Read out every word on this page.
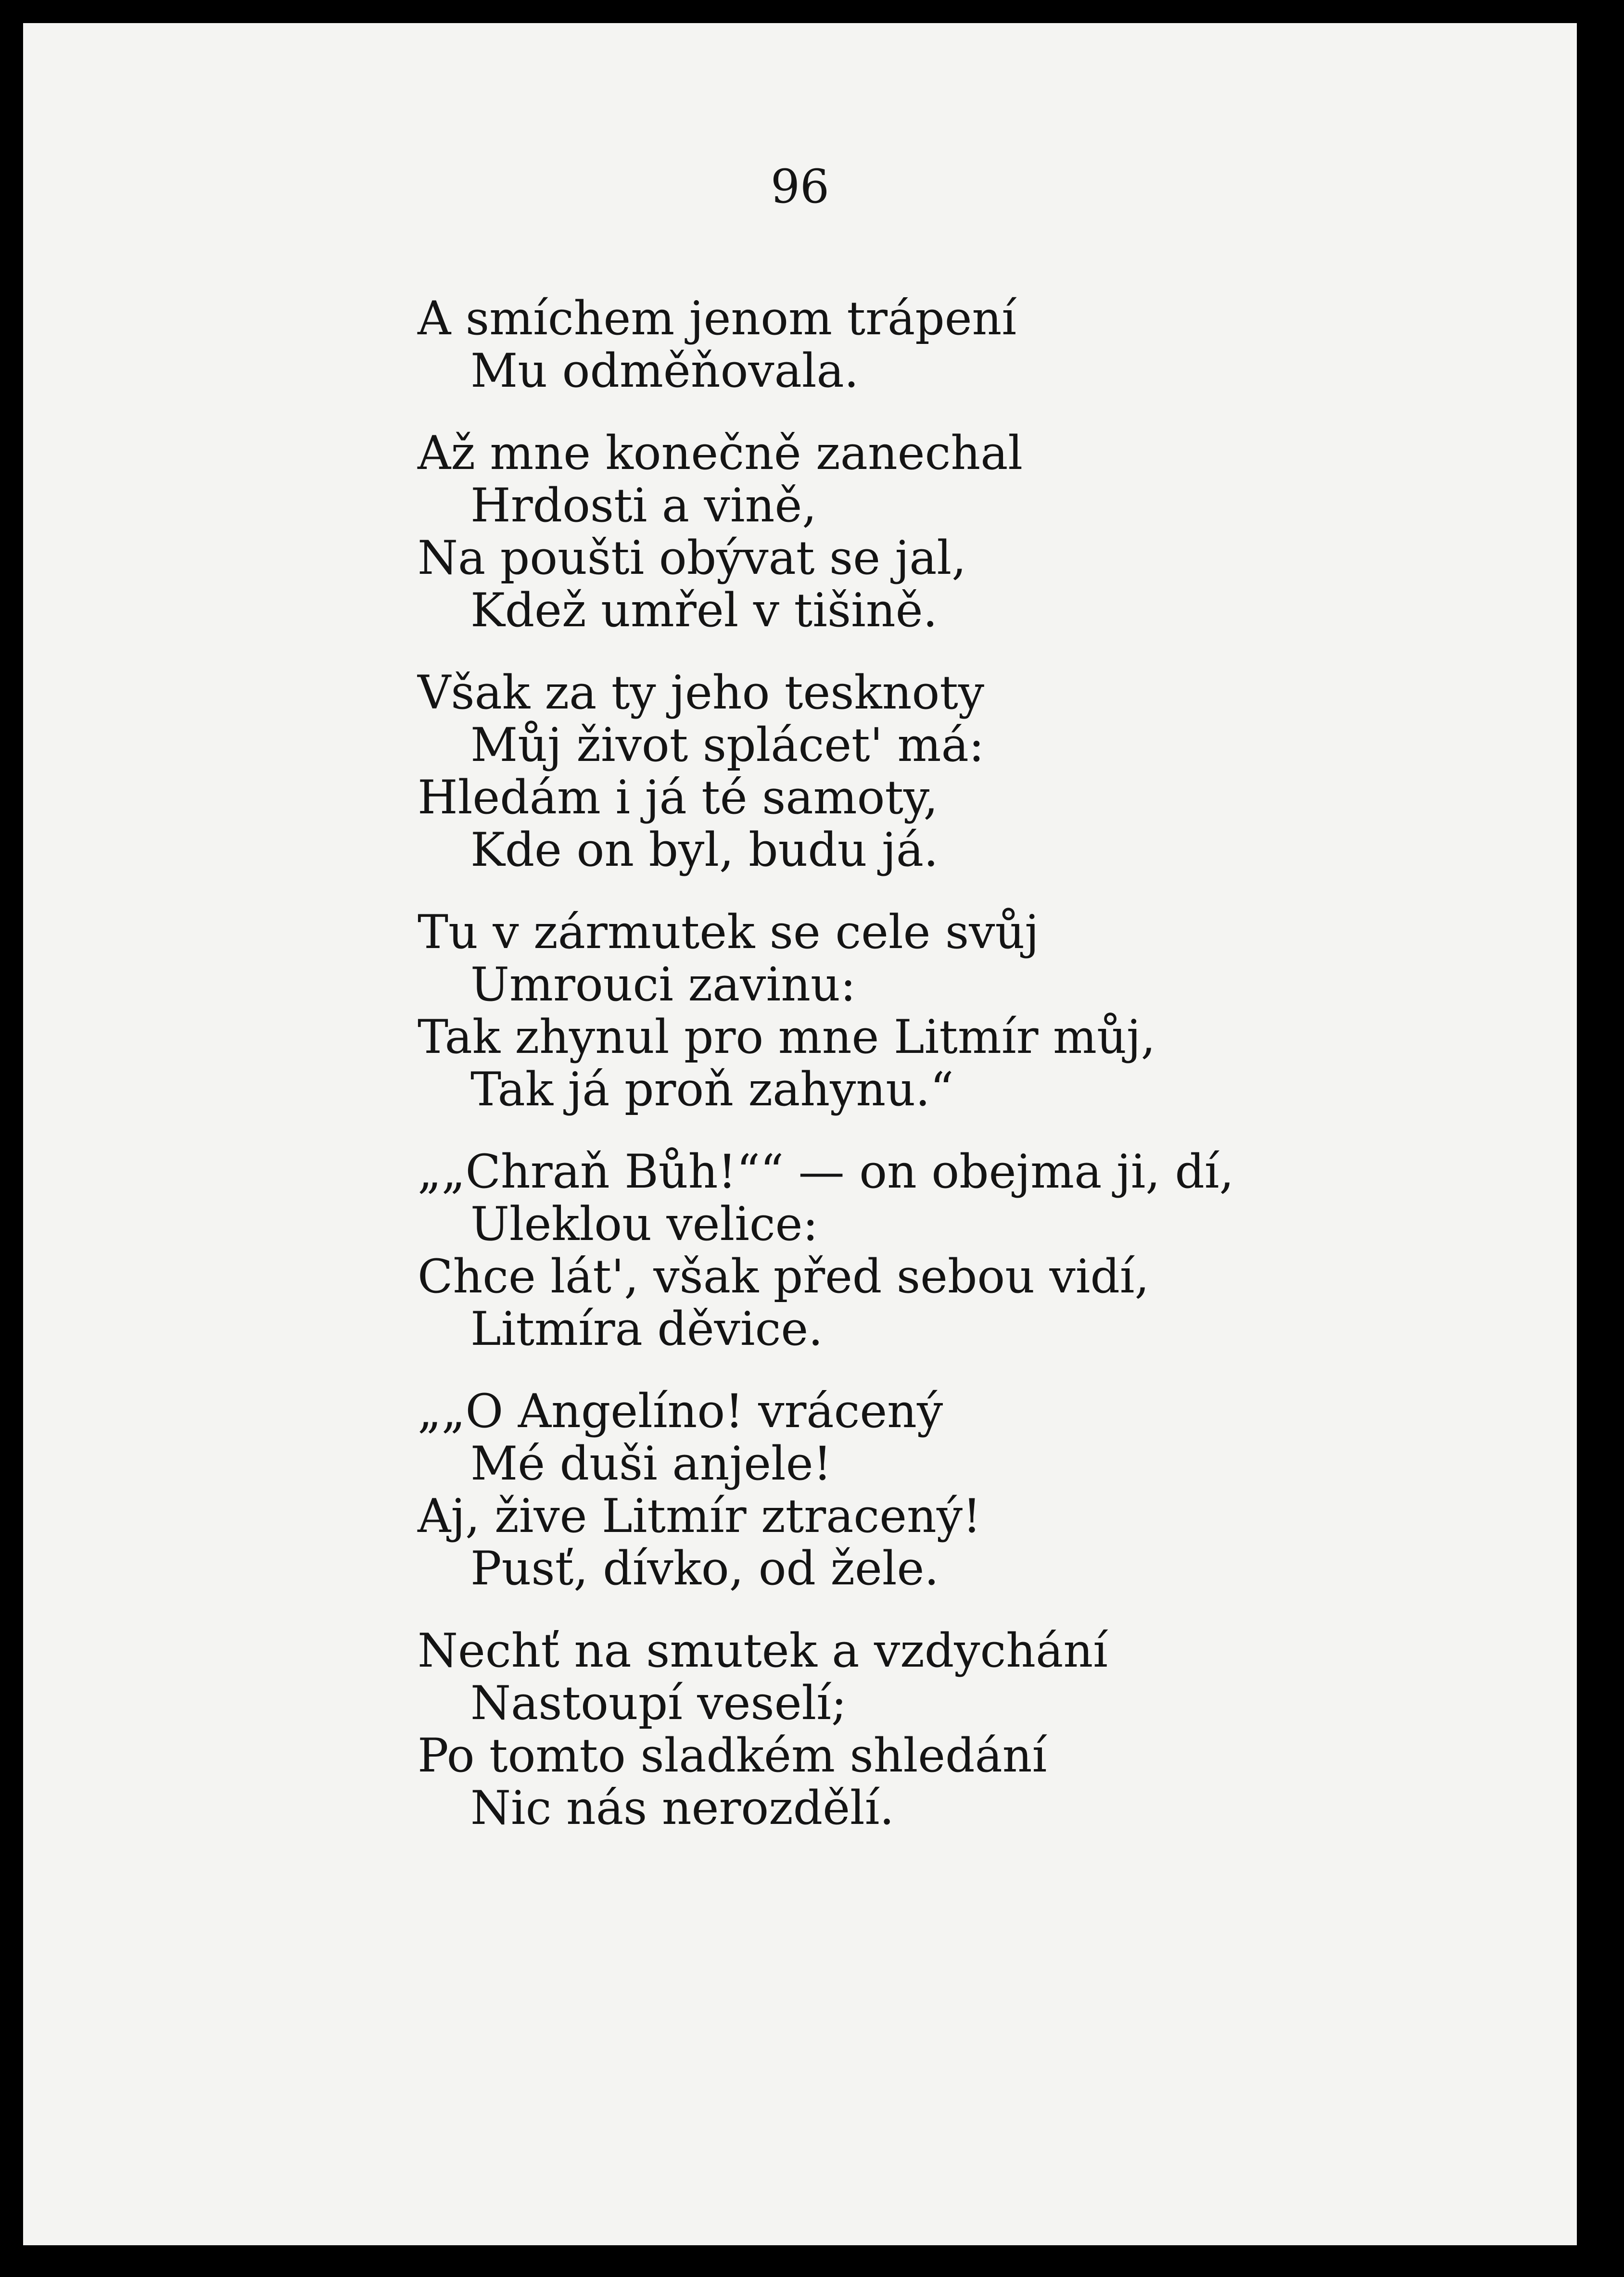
96
A smíchem jenom trápení
Mu odměňovala.
Až mne konečně zanechal
Hrdosti a vině,
Na poušti obývat se jal,
Kdež umřel v tišině.
Však za ty jeho tesknoty
Můj život splácet' má:
Hledám i já té samoty,
Kde on byl, budu já.
Tu v zármutek se cele svůj
Umrouci zavinu:
Tak zhynul pro mne Litmír můj,
Tak já proň zahynu.“
„„Chraň Bůh!““ — on obejma ji, dí,
Uleklou velice:
Chce lát', však před sebou vidí,
Litmíra děvice.
„„O Angelíno! vrácený
Mé duši anjele!
Aj, žive Litmír ztracený!
Pusť, dívko, od žele.
Nechť na smutek a vzdychání
Nastoupí veselí;
Po tomto sladkém shledání
Nic nás nerozdělí.
